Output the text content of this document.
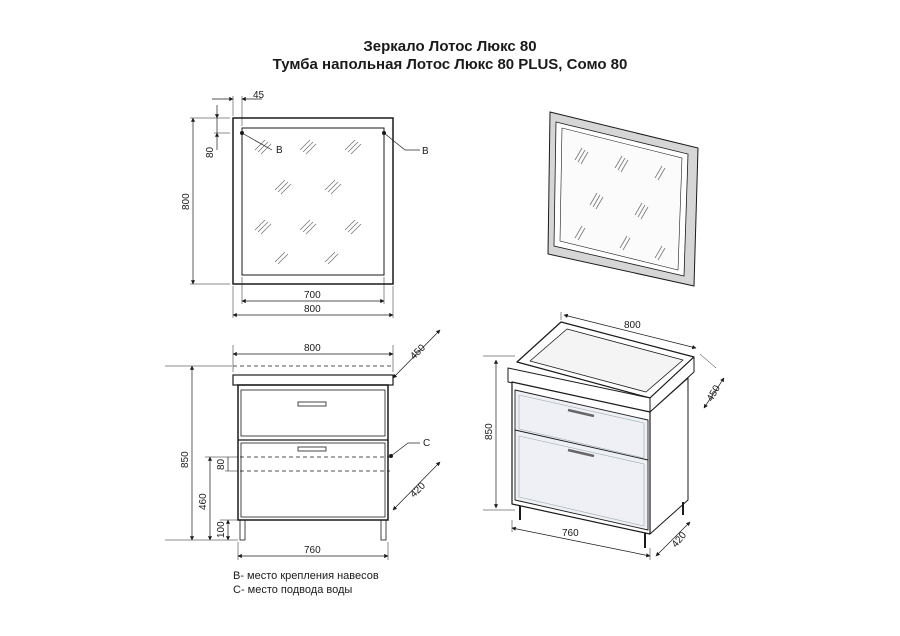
Зеркало Лотос Люкс 80
Тумба напольная Лотос Люкс 80 PLUS, Сомо 80
45
80
800
700
800
B	B
800	450
850
460
80
100
420
760
C
800
450
850
760	420
В- место крепления навесов
С- место подвода воды
